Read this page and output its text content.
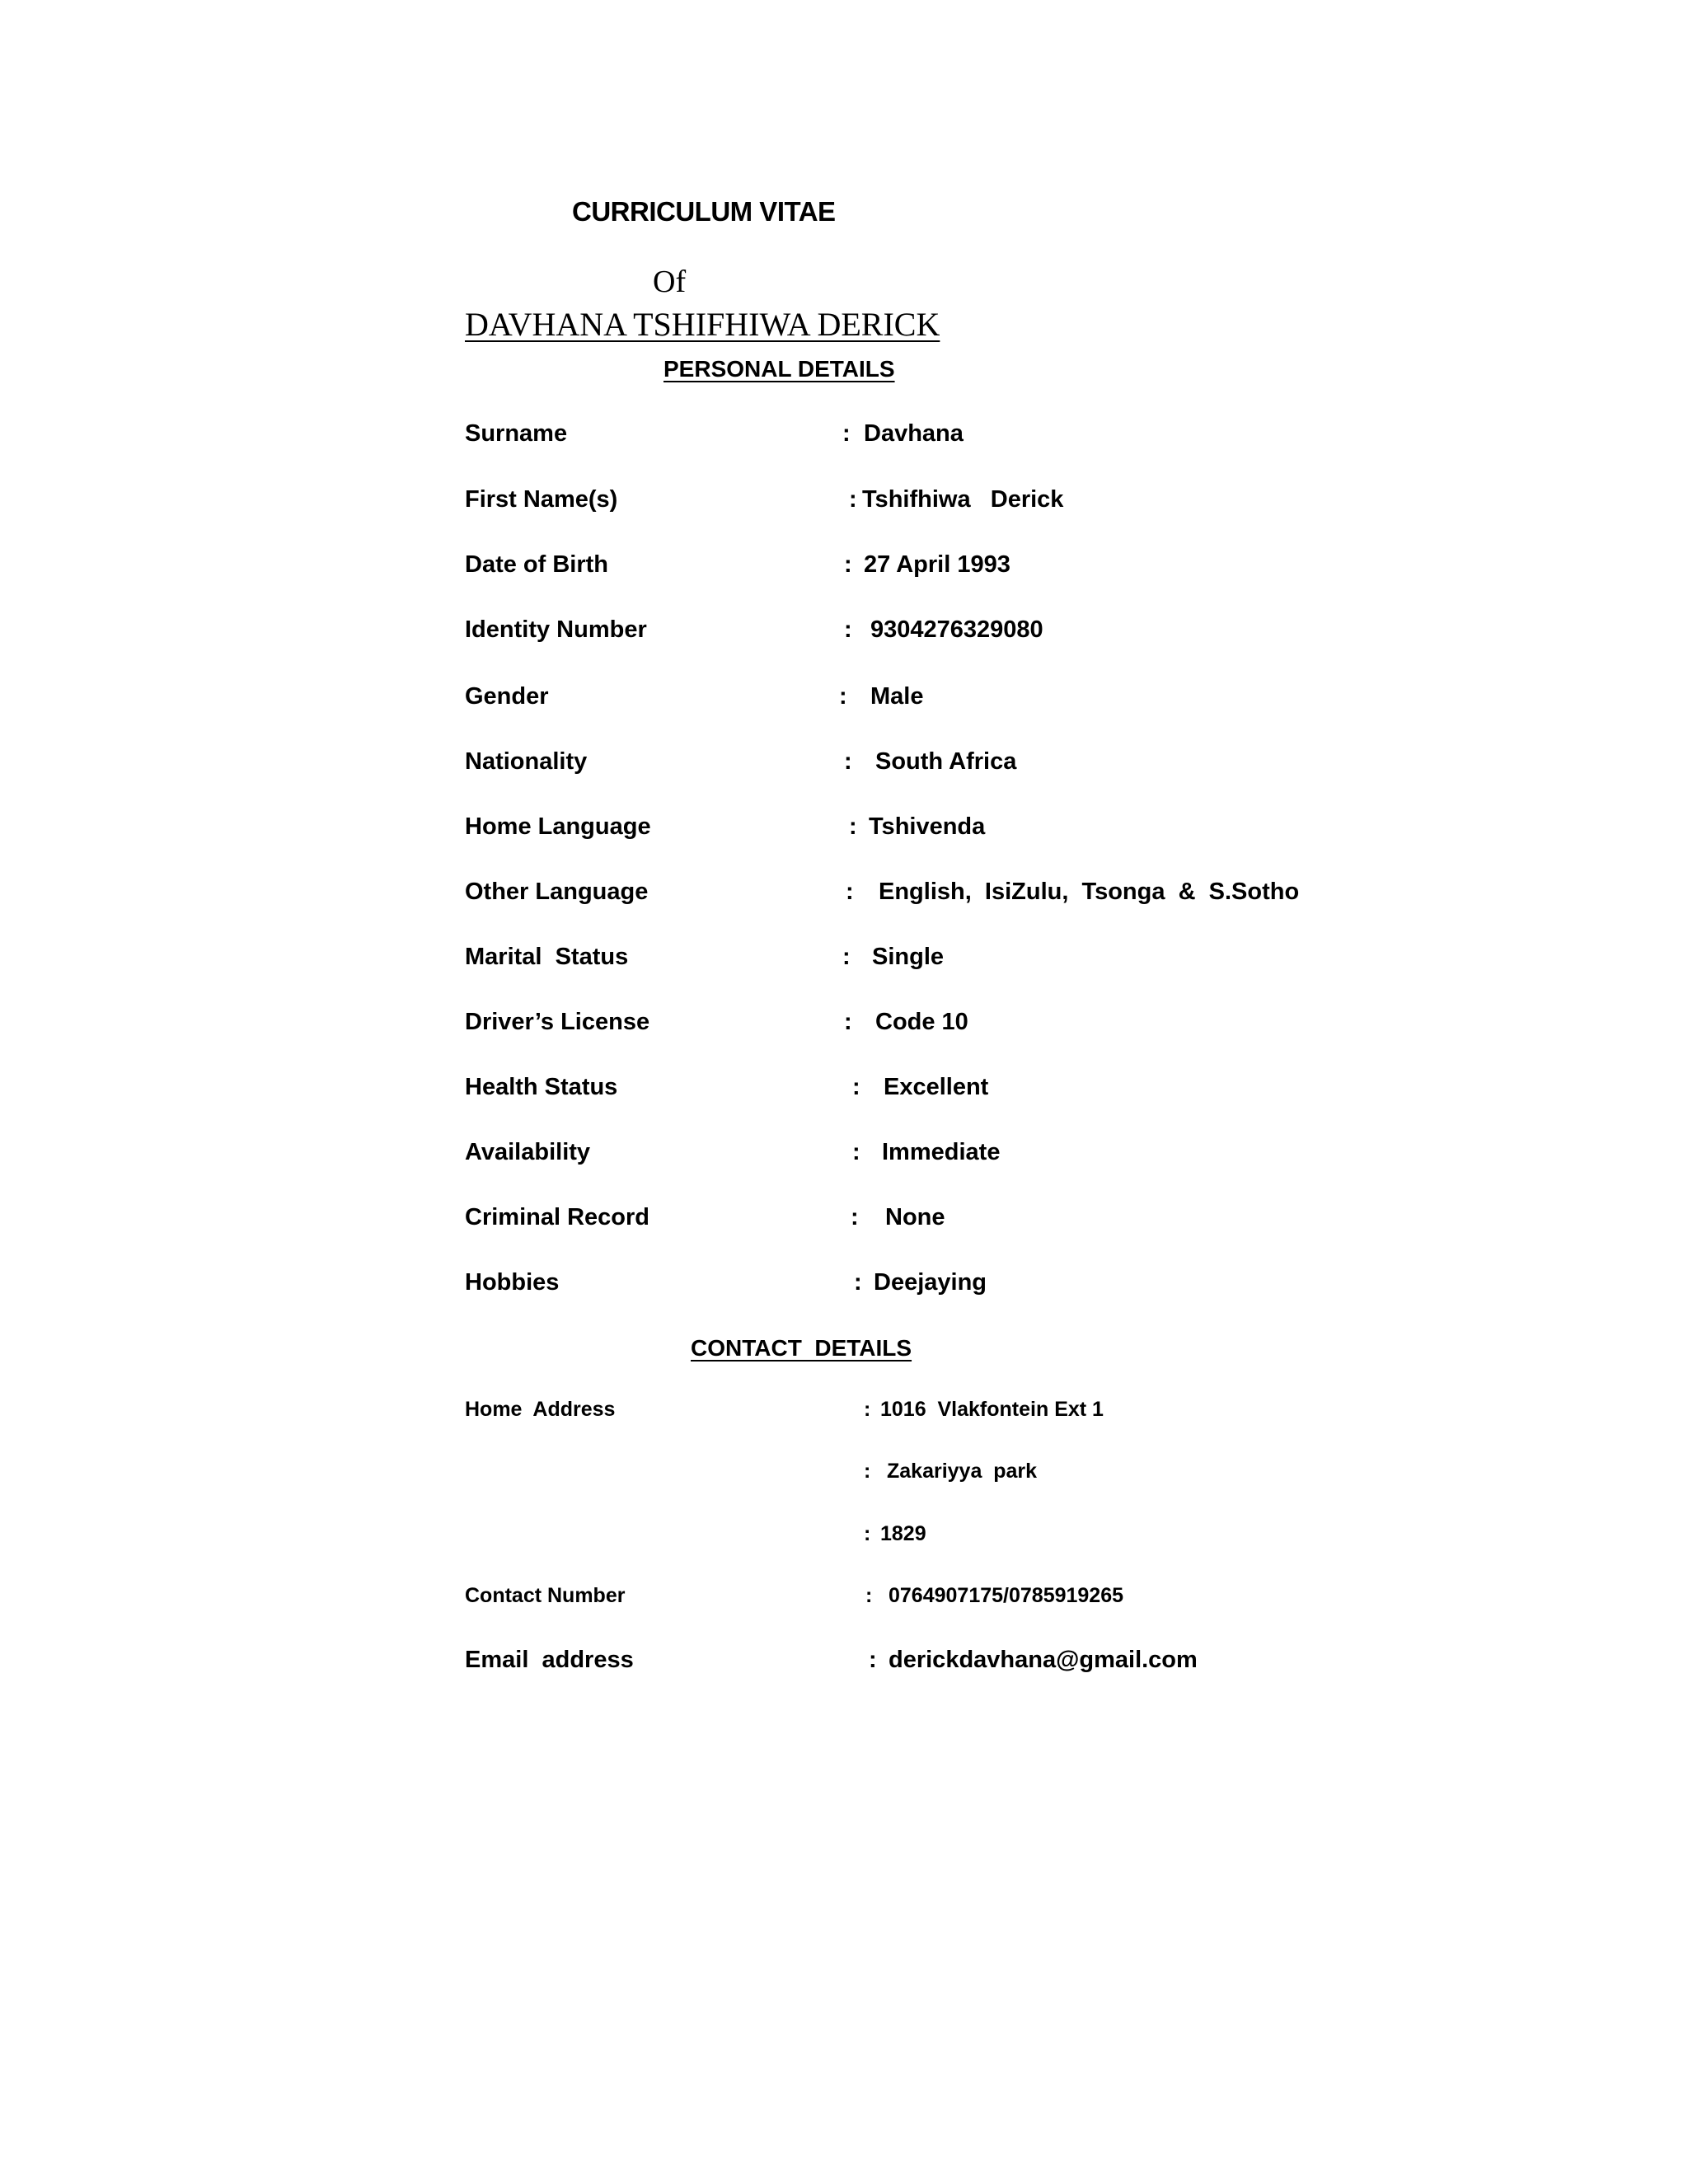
CURRICULUM VITAE
Of
DAVHANA TSHIFHIWA DERICK
PERSONAL DETAILS
Surname	: Davhana
First Name(s)	: Tshifhiwa   Derick
Date of Birth	: 27 April 1993
Identity Number	: 9304276329080
Gender	: Male
Nationality	: South Africa
Home Language	: Tshivenda
Other Language	: English,  IsiZulu,  Tsonga  &  S.Sotho
Marital  Status	: Single
Driver’s License	: Code 10
Health Status	: Excellent
Availability	: Immediate
Criminal Record	: None
Hobbies	: Deejaying
CONTACT  DETAILS
Home  Address	: 1016  Vlakfontein Ext 1
: Zakariyya  park
: 1829
Contact Number	: 0764907175/0785919265
Email  address	: derickdavhana@gmail.com
